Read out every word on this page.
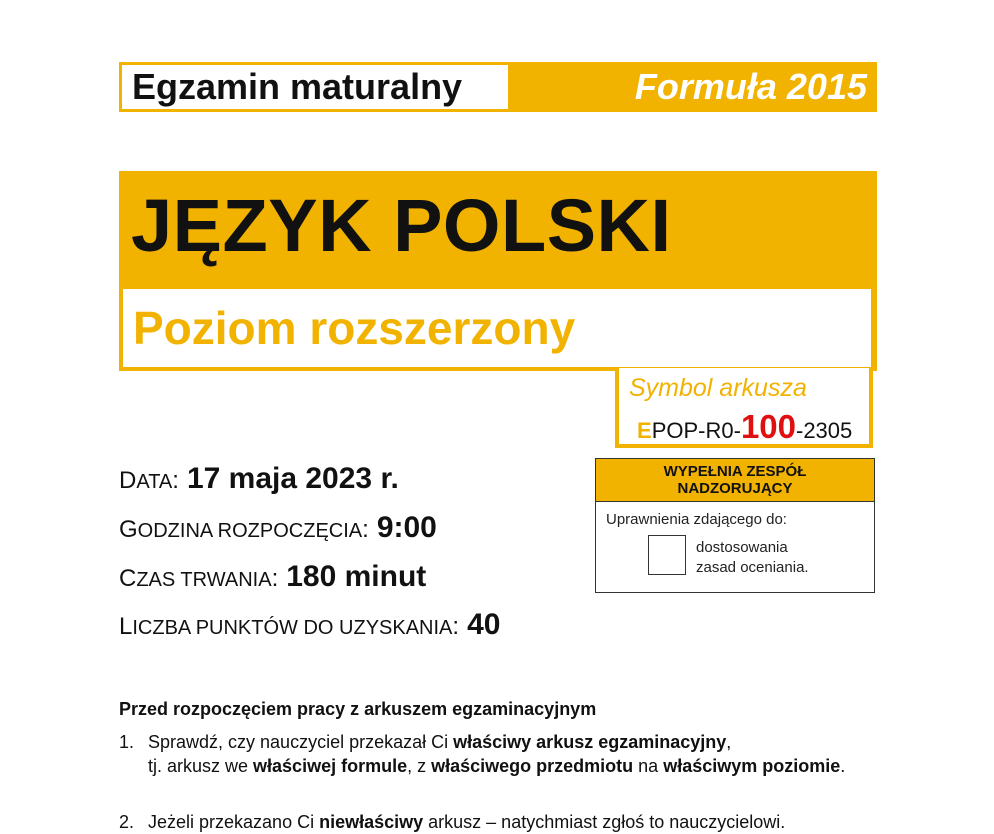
Egzamin maturalny	Formuła 2015
JĘZYK POLSKI
Poziom rozszerzony
Symbol arkusza
E POP-R0- 100 -2305
DATA: 17 maja 2023 r.
GODZINA ROZPOCZĘCIA: 9:00
CZAS TRWANIA: 180 minut
LICZBA PUNKTÓW DO UZYSKANIA: 40
WYPEŁNIA ZESPÓŁ
NADZORUJĄCY
Uprawnienia zdającego do:
dostosowania
zasad oceniania.
Przed rozpoczęciem pracy z arkuszem egzaminacyjnym
1. Sprawdź, czy nauczyciel przekazał Ci właściwy arkusz egzaminacyjny,
tj. arkusz we właściwej formule, z właściwego przedmiotu na właściwym poziomie.
2. Jeżeli przekazano Ci niewłaściwy arkusz – natychmiast zgłoś to nauczycielowi.
